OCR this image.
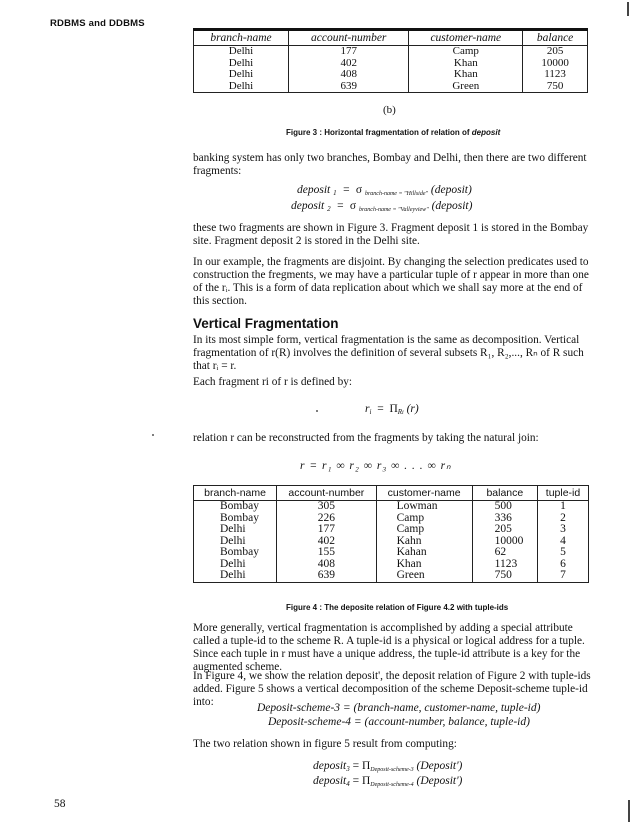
RDBMS and DDBMS
branch-name	account-number	customer-name	balance
Delhi	177	Camp	205
Delhi	402	Khan	10000
Delhi	408	Khan	1123
Delhi	639	Green	750
(b)
Figure 3 : Horizontal fragmentation of relation of deposit

banking system has only two branches, Bombay and Delhi, then there are two different fragments:

deposit $_1$ = σ $_{branch-name = "Hillside"}$ (deposit)
deposit $_2$ = σ $_{branch-name = "Valleyview"}$ (deposit)

these two fragments are shown in Figure 3. Fragment deposit 1 is stored in the Bombay site. Fragment deposit 2 is stored in the Delhi site.

In our example, the fragments are disjoint. By changing the selection predicates used to construction the fregments, we may have a particular tuple of r appear in more than one of the rᵢ. This is a form of data replication about which we shall say more at the end of this section.

Vertical Fragmentation

In its most simple form, vertical fragmentation is the same as decomposition. Vertical fragmentation of r(R) involves the definition of several subsets R₁, R₂,..., Rₙ of R such that rᵢ = r.

Each fragment ri of r is defined by:

$r_i = \Pi_{Ri}$ (r)

relation r can be reconstructed from the fragments by taking the natural join:

r = r₁ ∞ r₂ ∞ r₃ ∞ . . . ∞ rₙ
branch-name	account-number	customer-name	balance	tuple-id
Bombay	305	Lowman	500	1
Bombay	226	Camp	336	2
Delhi	177	Camp	205	3
Delhi	402	Kahn	10000	4
Bombay	155	Kahan	62	5
Delhi	408	Khan	1123	6
Delhi	639	Green	750	7
Figure 4 : The deposite relation of Figure 4.2 with tuple-ids

More generally, vertical fragmentation is accomplished by adding a special attribute called a tuple-id to the scheme R. A tuple-id is a physical or logical address for a tuple. Since each tuple in r must have a unique address, the tuple-id attribute is a key for the augmented scheme.

In Figure 4, we show the relation deposit', the deposit relation of Figure 2 with tuple-ids added. Figure 5 shows a vertical decomposition of the scheme Deposit-scheme tuple-id into:	Deposit-scheme-3 = (branch-name, customer-name, tuple-id)
Deposit-scheme-4 = (account-number, balance, tuple-id)

The two relation shown in figure 5 result from computing:

deposit$_3$ = $\Pi_{Deposit-scheme-3}$ (Deposit')
deposit$_4$ = $\Pi_{Deposit-scheme-4}$ (Deposit')
58
